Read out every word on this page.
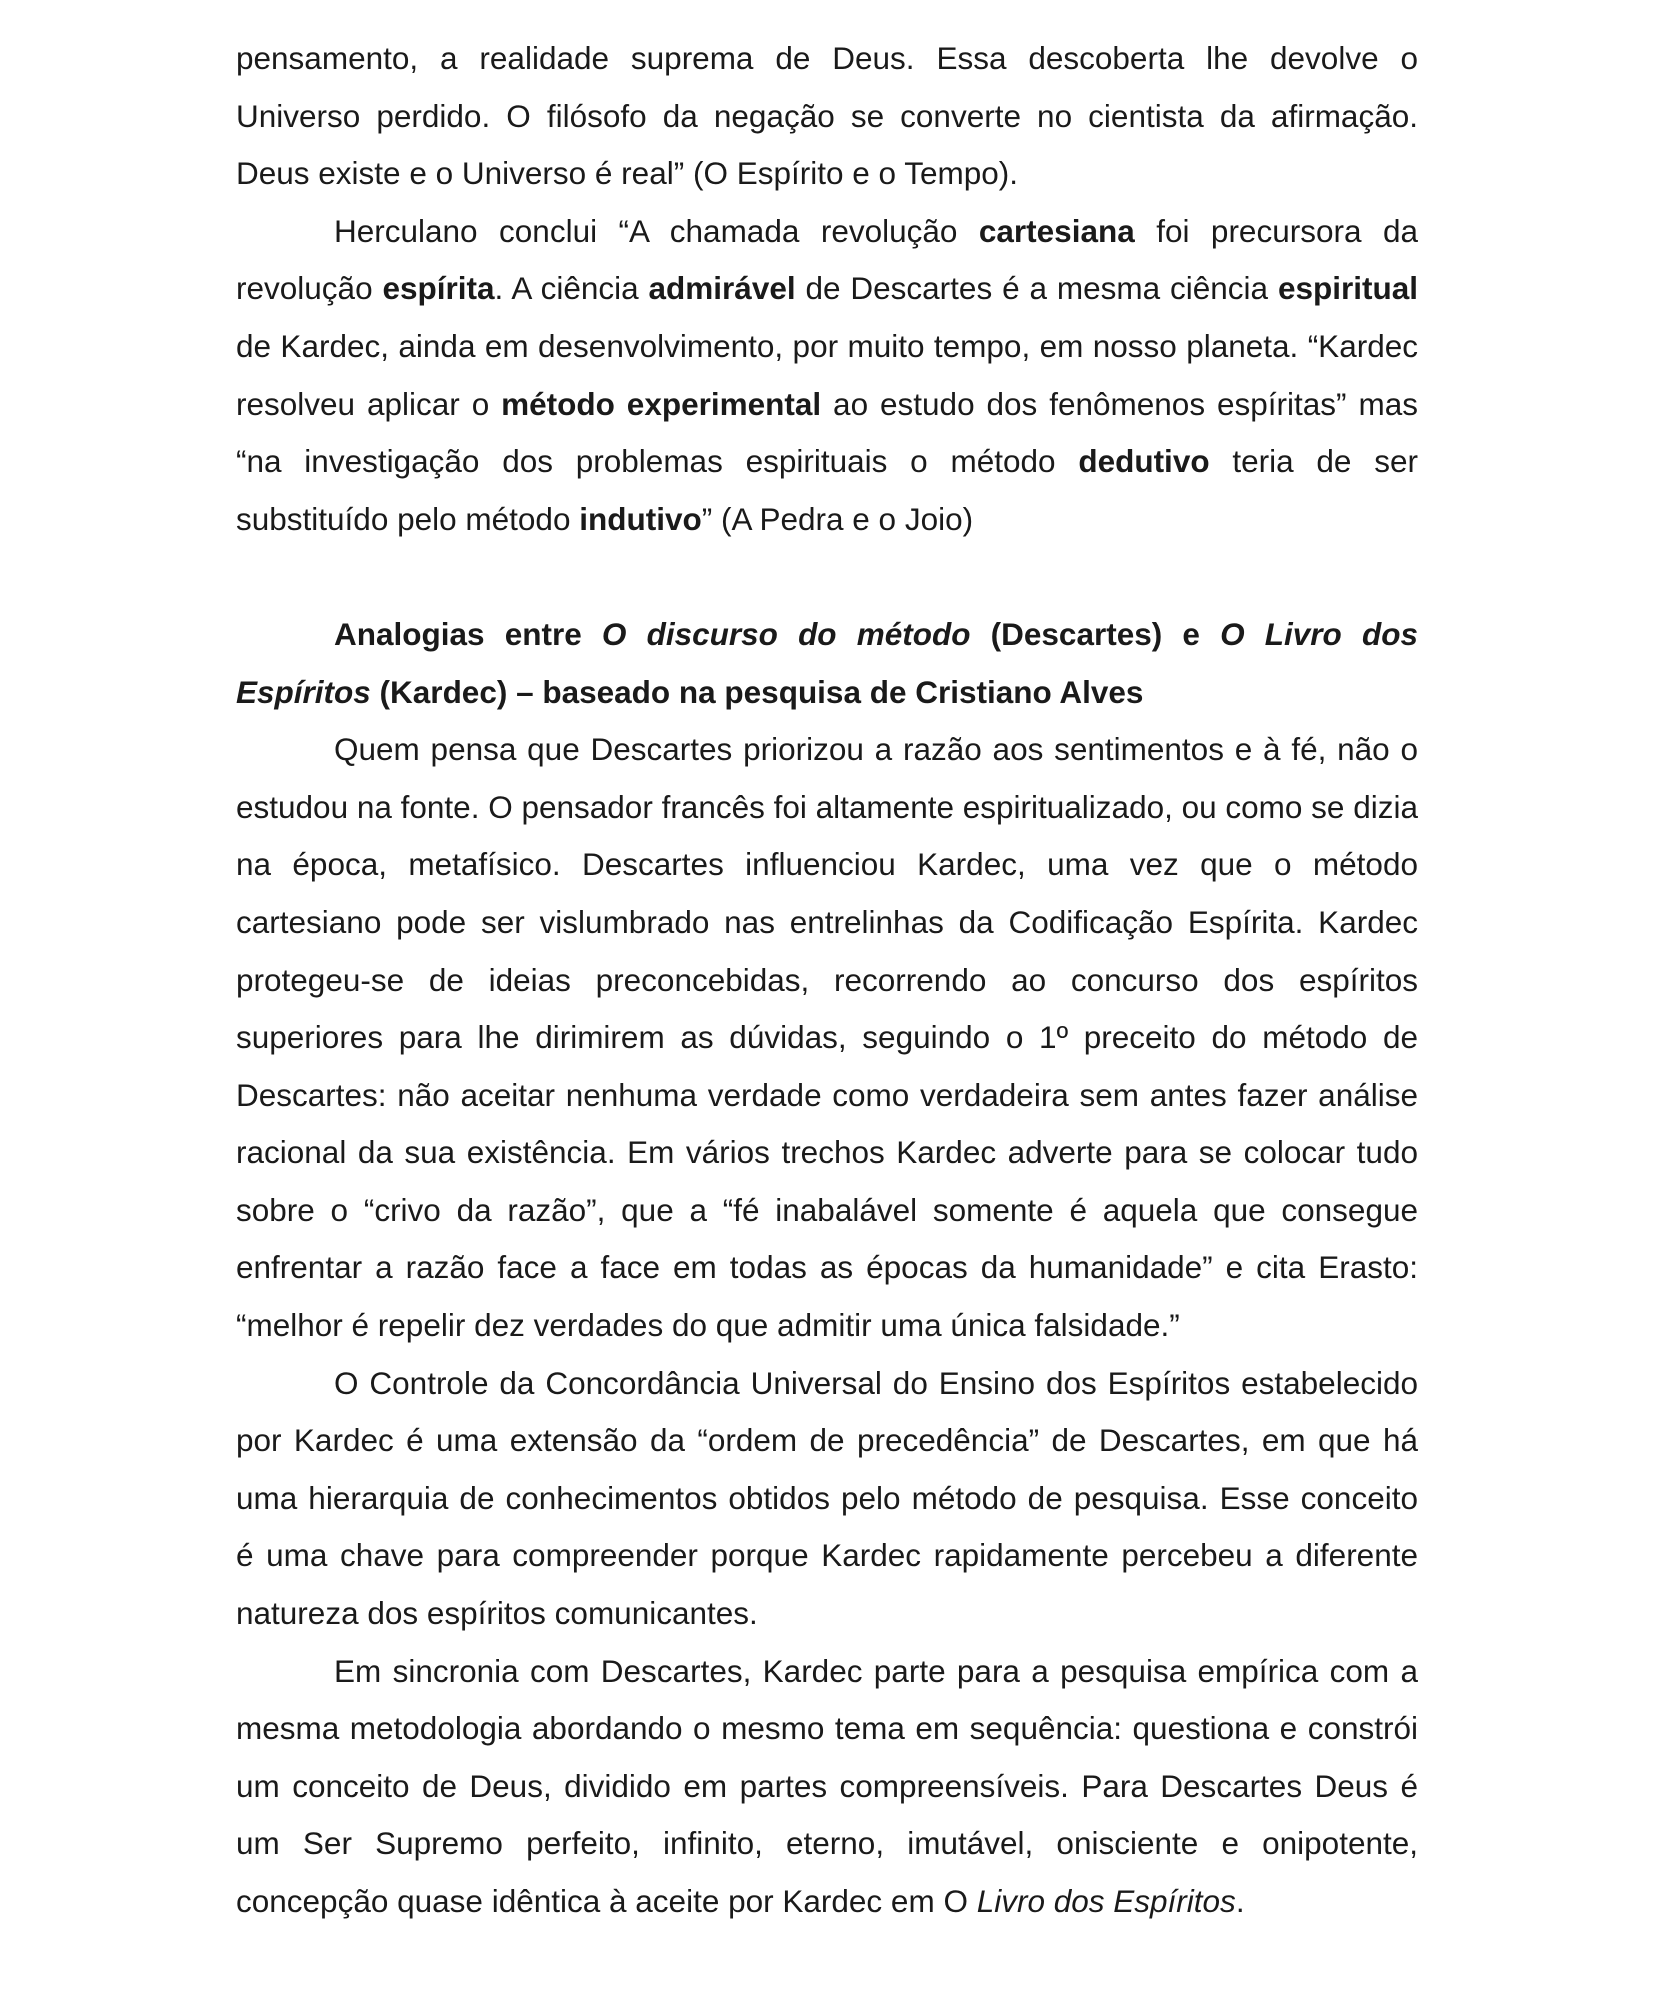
pensamento, a realidade suprema de Deus. Essa descoberta lhe devolve o Universo perdido. O filósofo da negação se converte no cientista da afirmação. Deus existe e o Universo é real” (O Espírito e o Tempo).

Herculano conclui “A chamada revolução cartesiana foi precursora da revolução espírita. A ciência admirável de Descartes é a mesma ciência espiritual de Kardec, ainda em desenvolvimento, por muito tempo, em nosso planeta. “Kardec resolveu aplicar o método experimental ao estudo dos fenômenos espíritas” mas “na investigação dos problemas espirituais o método dedutivo teria de ser substituído pelo método indutivo” (A Pedra e o Joio)

Analogias entre O discurso do método (Descartes) e O Livro dos Espíritos (Kardec) – baseado na pesquisa de Cristiano Alves

Quem pensa que Descartes priorizou a razão aos sentimentos e à fé, não o estudou na fonte. O pensador francês foi altamente espiritualizado, ou como se dizia na época, metafísico. Descartes influenciou Kardec, uma vez que o método cartesiano pode ser vislumbrado nas entrelinhas da Codificação Espírita. Kardec protegeu-se de ideias preconcebidas, recorrendo ao concurso dos espíritos superiores para lhe dirimirem as dúvidas, seguindo o 1º preceito do método de Descartes: não aceitar nenhuma verdade como verdadeira sem antes fazer análise racional da sua existência. Em vários trechos Kardec adverte para se colocar tudo sobre o “crivo da razão”, que a “fé inabalável somente é aquela que consegue enfrentar a razão face a face em todas as épocas da humanidade” e cita Erasto: “melhor é repelir dez verdades do que admitir uma única falsidade.”

O Controle da Concordância Universal do Ensino dos Espíritos estabelecido por Kardec é uma extensão da “ordem de precedência” de Descartes, em que há uma hierarquia de conhecimentos obtidos pelo método de pesquisa. Esse conceito é uma chave para compreender porque Kardec rapidamente percebeu a diferente natureza dos espíritos comunicantes.

Em sincronia com Descartes, Kardec parte para a pesquisa empírica com a mesma metodologia abordando o mesmo tema em sequência: questiona e constrói um conceito de Deus, dividido em partes compreensíveis. Para Descartes Deus é um Ser Supremo perfeito, infinito, eterno, imutável, onisciente e onipotente, concepção quase idêntica à aceite por Kardec em O Livro dos Espíritos.
